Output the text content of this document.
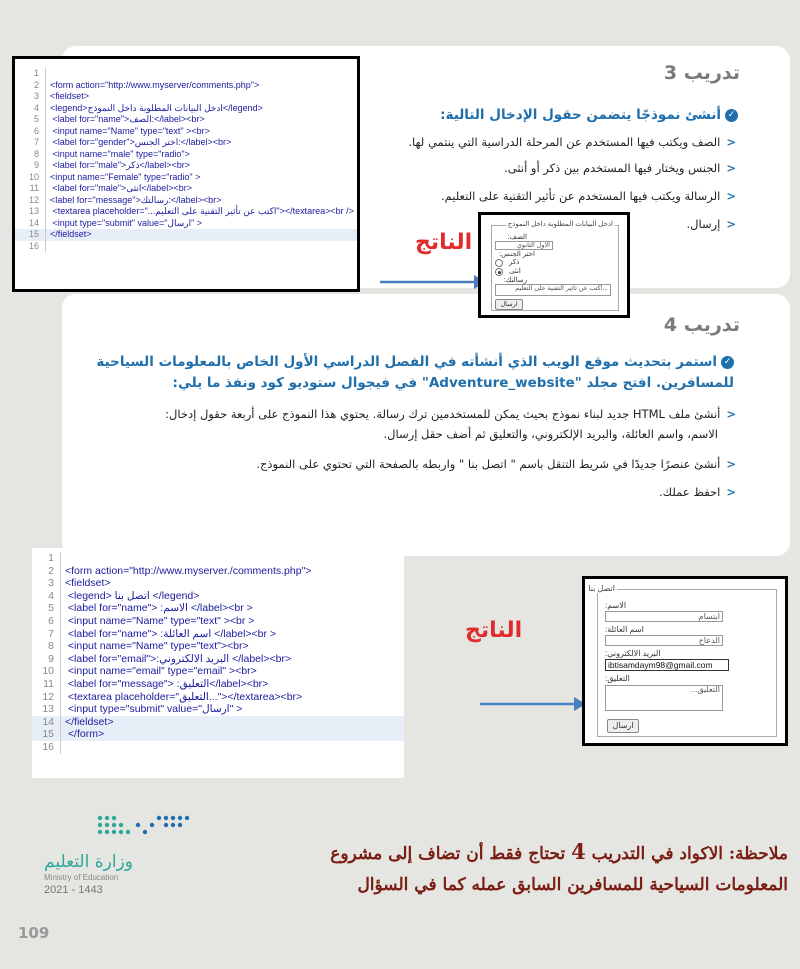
تدريب 3
✓أنشئ نموذجًا يتضمن حقول الإدخال التالية:
<الصف ويكتب فيها المستخدم عن المرحلة الدراسية التي ينتمي لها.
<الجنس ويختار فيها المستخدم بين ذكر أو أنثى.
<الرسالة ويكتب فيها المستخدم عن تأثير التقنية على التعليم.
<إرسال.
تدريب 4
✓استمر بتحديث موقع الويب الذي أنشأته في الفصل الدراسي الأول الخاص بالمعلومات السياحية
للمسافرين. افتح مجلد "Adventure_website" في فيجوال ستوديو كود ونفذ ما يلي:
<أنشئ ملف HTML جديد لبناء نموذج بحيث يمكن للمستخدمين ترك رسالة. يحتوي هذا النموذج على أربعة حقول إدخال:
الاسم، واسم العائلة، والبريد الإلكتروني، والتعليق ثم أضف حقل إرسال.
<أنشئ عنصرًا جديدًا في شريط التنقل باسم " اتصل بنا " واربطه بالصفحة التي تحتوي على النموذج.
<احفظ عملك.
1
2 <form action="http://www.myserver/comments.php">
3 <fieldset>
4 <legend>ادخل البيانات المطلوبة داخل النموذج</legend>
5 <label for="name">الصف:</label><br>
6 <input name="Name" type="text" ><br>
7 <label for="gender">اختر الجنس:</label><br>
8 <input name="male" type="radio">
9 <label for="male">ذكر</label><br>
10 <input name="Female" type="radio" >
11 <label for="male">انثى</label><br>
12 <label for="message">رسالتك:</label><br>
13 <textarea placeholder="...اكتب عن تأثير التقنية على التعليم"></textarea><br />
14 <input type="submit" value="ارسال" >
15 </fieldset>
16	الناتج
ادخل البيانات المطلوبة داخل النموذج
الصف:
الاول الثانوي
اختر الجنس:
ذكر
انثى
رسالتك:
...اكتب عن تأثير التقنية على التعليم
ارسال
1
2 <form action="http://www.myserver./comments.php">
3 <fieldset>
4 <legend> اتصل بنا </legend>
5 <label for="name"> :الاسم </label><br >
6 <input name="Name" type="text" ><br >
7 <label for="name"> :اسم العائلة </label><br >
8 <input name="Name" type="text"><br>
9 <label for="email">:البريد الالكتروني </label><br>
10 <input name="email" type="email" ><br>
11 <label for="message"> :التعليق</label><br>
12 <textarea placeholder="التعليق..."></textarea><br>
13 <input type="submit" value="ارسال" >
14 </fieldset>
15 </form>
16
الناتج
اتصل بنا
الاسم:
ابتسام
اسم العائلة:
الدعاح
البريد الالكتروني:
ibtisamdaym98@gmail.com
التعليق:
التعليق...
ارسال
وزارة التعليم
Ministry of Education
2021 - 1443
ملاحظة: الاكواد في التدريب 4 تحتاج فقط أن تضاف إلى مشروع
المعلومات السياحية للمسافرين السابق عمله كما في السؤال
109
